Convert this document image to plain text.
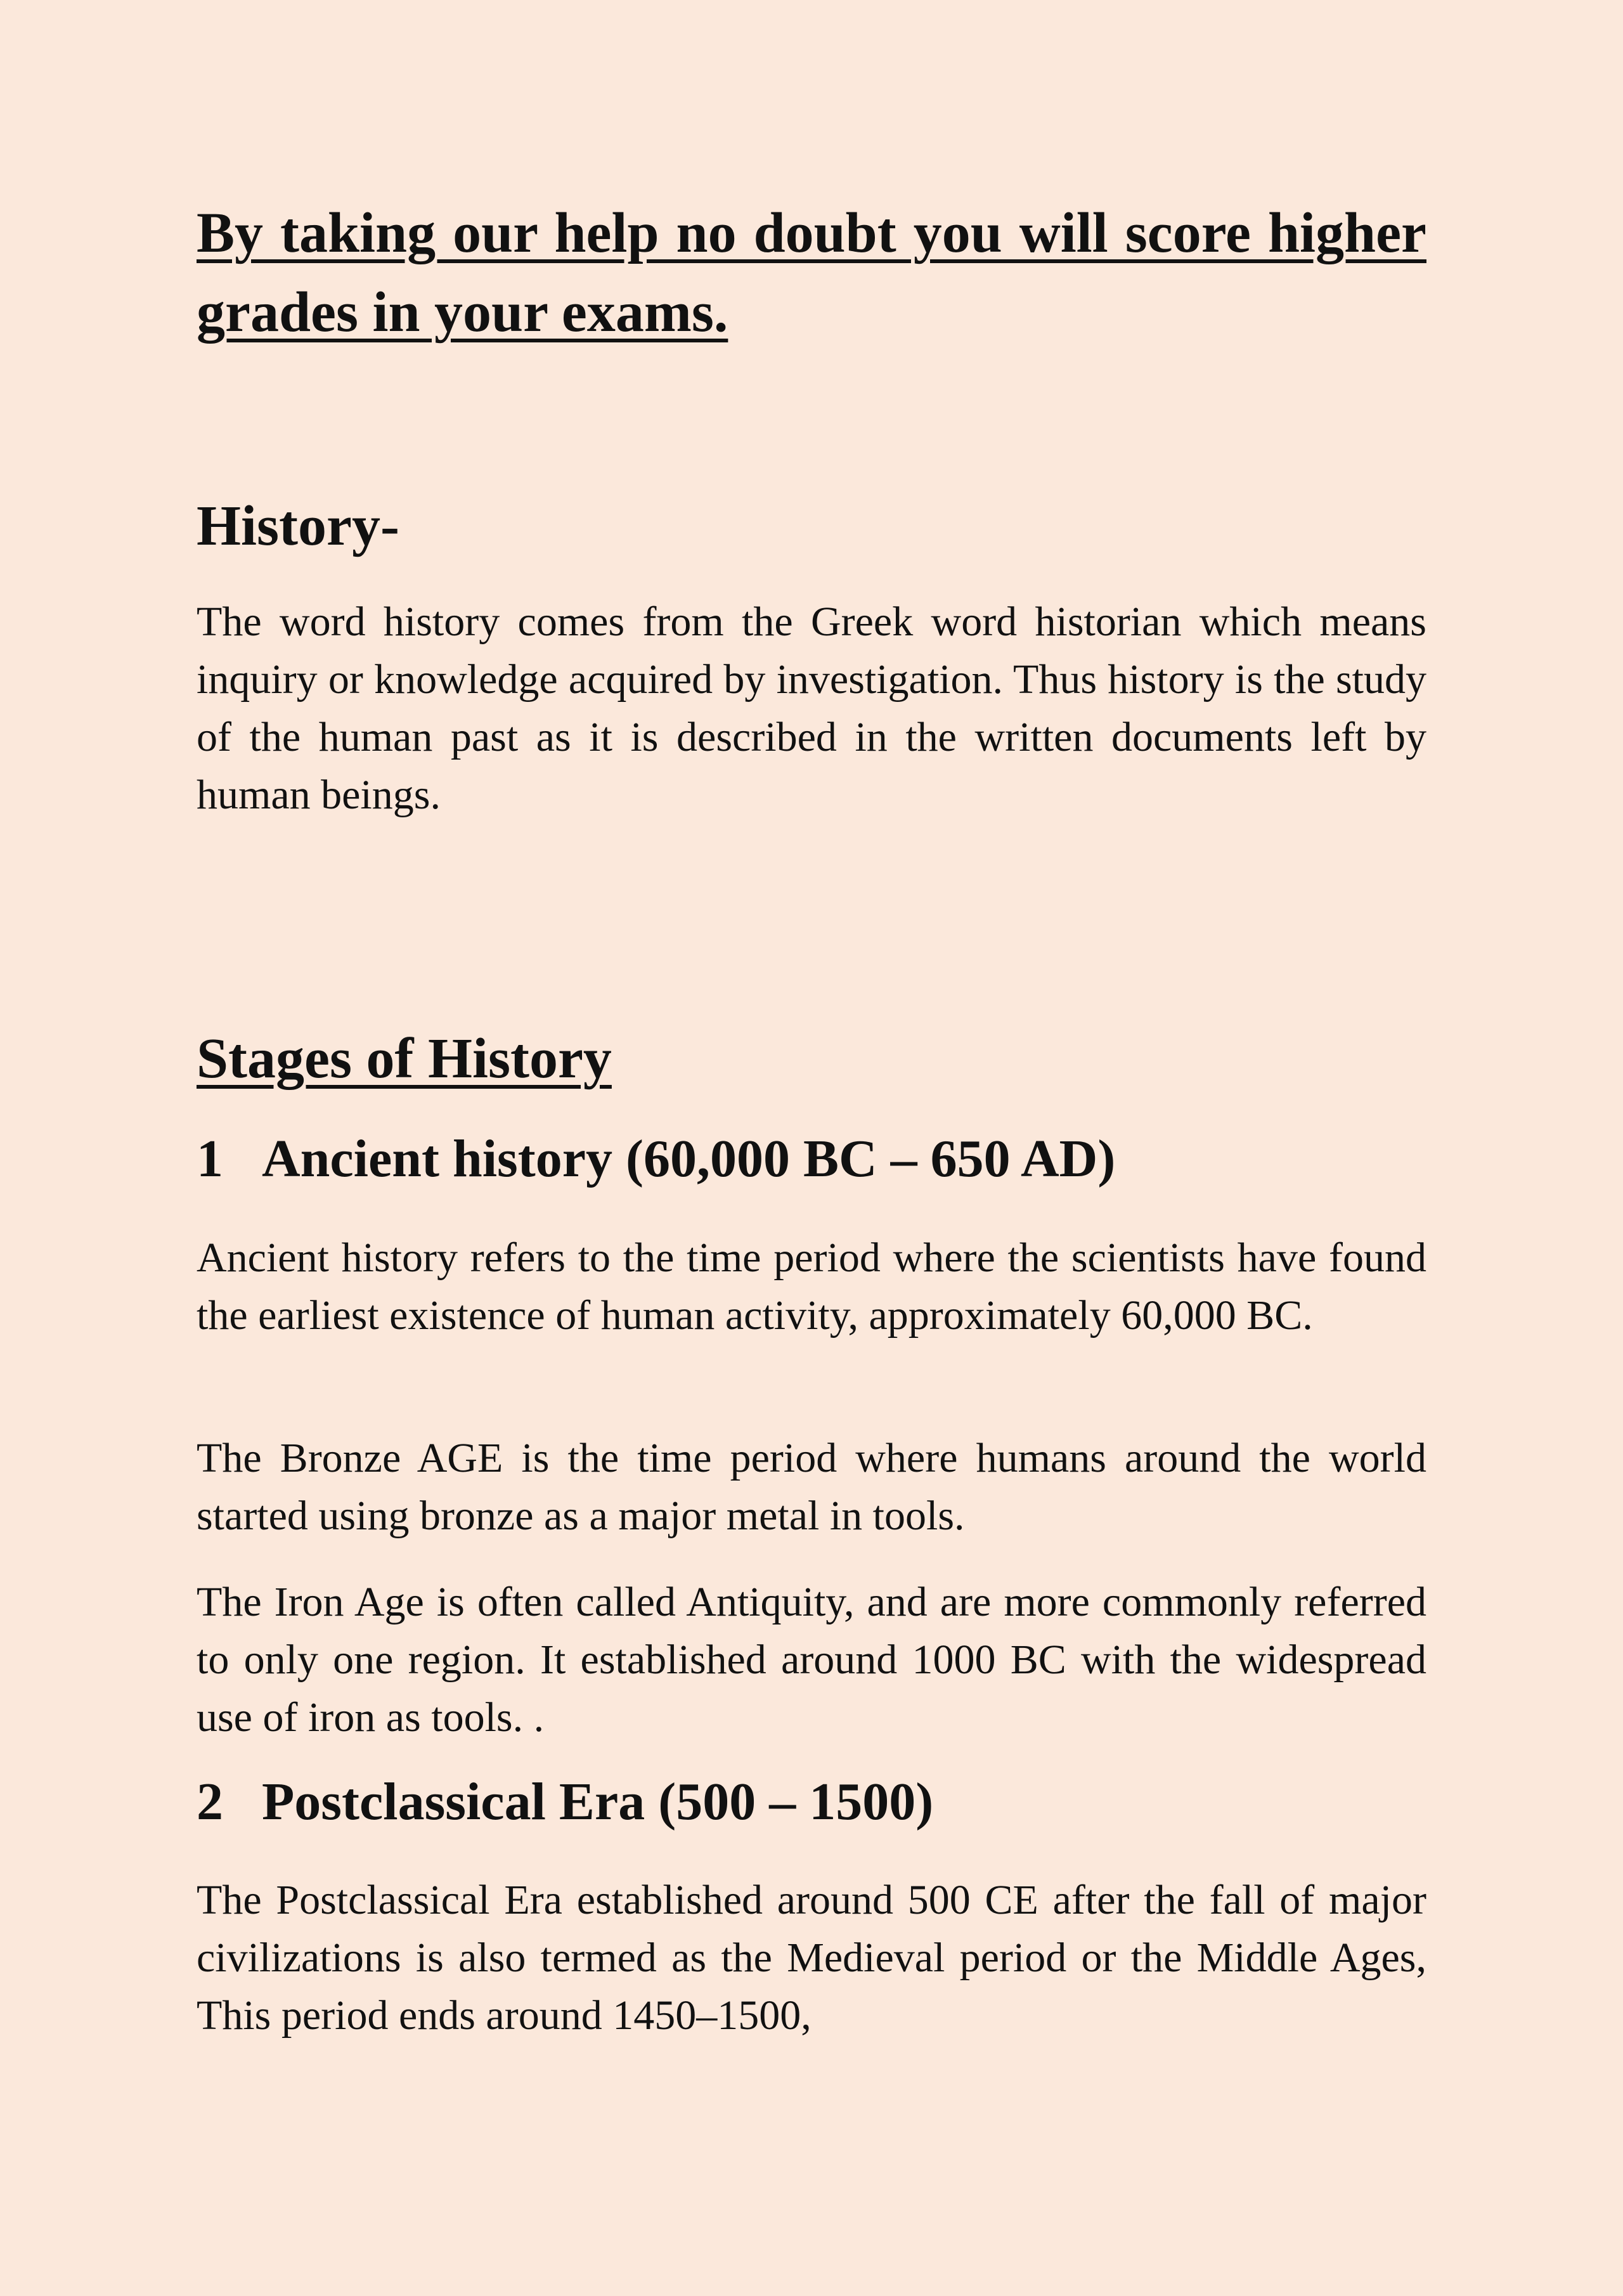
By taking our help no doubt you will score higher grades in your exams.
History-

The word history comes from the Greek word historian which means inquiry or knowledge acquired by investigation. Thus history is the study of the human past as it is described in the written documents left by human beings.

Stages of History
1 Ancient history (60,000 BC – 650 AD)

Ancient history refers to the time period where the scientists have found the earliest existence of human activity, approximately 60,000 BC.

The Bronze AGE is the time period where humans around the world started using bronze as a major metal in tools.

The Iron Age is often called Antiquity, and are more commonly referred to only one region. It established around 1000 BC with the widespread use of iron as tools. .

2 Postclassical Era (500 – 1500)

The Postclassical Era established around 500 CE after the fall of major civilizations is also termed as the Medieval period or the Middle Ages, This period ends around 1450–1500,
